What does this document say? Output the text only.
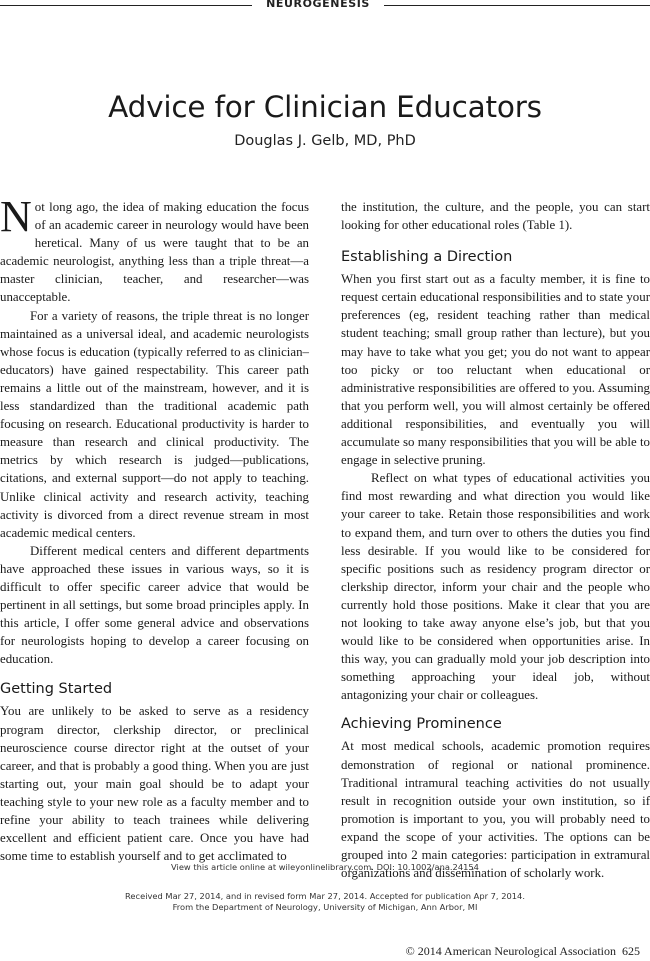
NEUROGENESIS
Advice for Clinician Educators
Douglas J. Gelb, MD, PhD

Not long ago, the idea of making education the focus of an academic career in neurology would have been heretical. Many of us were taught that to be an academic neurologist, anything less than a triple threat—a master clinician, teacher, and researcher—was unacceptable.

For a variety of reasons, the triple threat is no longer maintained as a universal ideal, and academic neurologists whose focus is education (typically referred to as clinician–educators) have gained respectability. This career path remains a little out of the mainstream, however, and it is less standardized than the traditional academic path focusing on research. Educational productivity is harder to measure than research and clinical productivity. The metrics by which research is judged—publications, citations, and external support—do not apply to teaching. Unlike clinical activity and research activity, teaching activity is divorced from a direct revenue stream in most academic medical centers.

Different medical centers and different departments have approached these issues in various ways, so it is difficult to offer specific career advice that would be pertinent in all settings, but some broad principles apply. In this article, I offer some general advice and observations for neurologists hoping to develop a career focusing on education.

Getting Started

You are unlikely to be asked to serve as a residency program director, clerkship director, or preclinical neuroscience course director right at the outset of your career, and that is probably a good thing. When you are just starting out, your main goal should be to adapt your teaching style to your new role as a faculty member and to refine your ability to teach trainees while delivering excellent and efficient patient care. Once you have had some time to establish yourself and to get acclimated to

the institution, the culture, and the people, you can start looking for other educational roles (Table 1).

Establishing a Direction

When you first start out as a faculty member, it is fine to request certain educational responsibilities and to state your preferences (eg, resident teaching rather than medical student teaching; small group rather than lecture), but you may have to take what you get; you do not want to appear too picky or too reluctant when educational or administrative responsibilities are offered to you. Assuming that you perform well, you will almost certainly be offered additional responsibilities, and eventually you will accumulate so many responsibilities that you will be able to engage in selective pruning.

Reflect on what types of educational activities you find most rewarding and what direction you would like your career to take. Retain those responsibilities and work to expand them, and turn over to others the duties you find less desirable. If you would like to be considered for specific positions such as residency program director or clerkship director, inform your chair and the people who currently hold those positions. Make it clear that you are not looking to take away anyone else’s job, but that you would like to be considered when opportunities arise. In this way, you can gradually mold your job description into something approaching your ideal job, without antagonizing your chair or colleagues.

Achieving Prominence

At most medical schools, academic promotion requires demonstration of regional or national prominence. Traditional intramural teaching activities do not usually result in recognition outside your own institution, so if promotion is important to you, you will probably need to expand the scope of your activities. The options can be grouped into 2 main categories: participation in extramural organizations and dissemination of scholarly work.

View this article online at wileyonlinelibrary.com. DOI: 10.1002/ana.24154
Received Mar 27, 2014, and in revised form Mar 27, 2014. Accepted for publication Apr 7, 2014.
From the Department of Neurology, University of Michigan, Ann Arbor, MI
© 2014 American Neurological Association 625
